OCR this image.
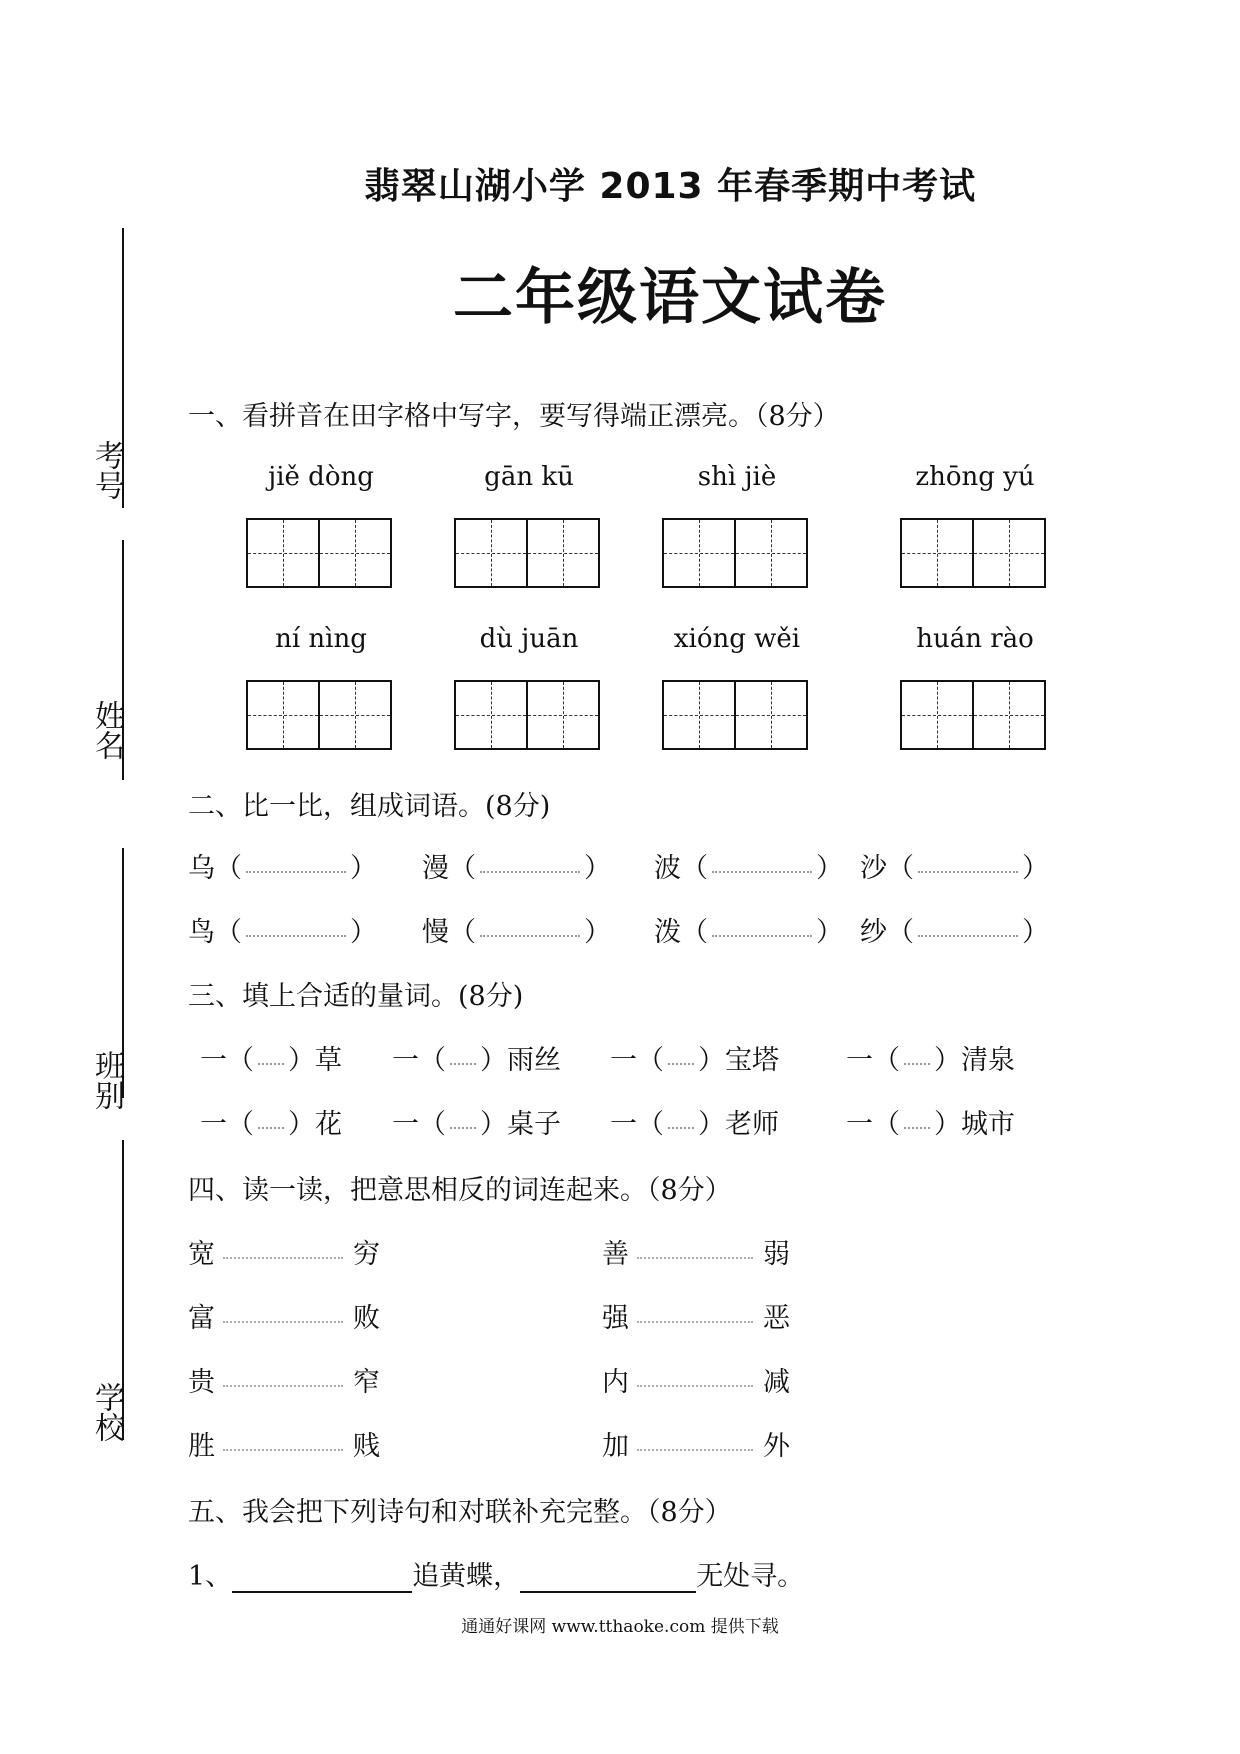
翡翠山湖小学 2013 年春季期中考试
二年级语文试卷
考号
姓名
班别
学校
一、看拼音在田字格中写字，要写得端正漂亮。（8分）
jiě dòng	gān kū	shì jiè	zhōng yú
ní nìng	dù juān	xióng wěi	huán rào
二、比一比，组成词语。(8分)
乌（	） 漫（	） 波（	） 沙（	）
鸟（	） 慢（	） 泼（	） 纱（	）
三、填上合适的量词。(8分)
一（ ）草 一（ ）雨丝 一（ ）宝塔 一（ ）清泉
一（ ）花 一（ ）桌子 一（ ）老师 一（ ）城市
四、读一读，把意思相反的词连起来。（8分）
宽	穷	善	弱
富	败	强	恶
贵	窄	内	减
胜	贱	加	外
五、我会把下列诗句和对联补充完整。（8分）
1、	追黄蝶，	无处寻。
通通好课网 www.tthaoke.com 提供下载
